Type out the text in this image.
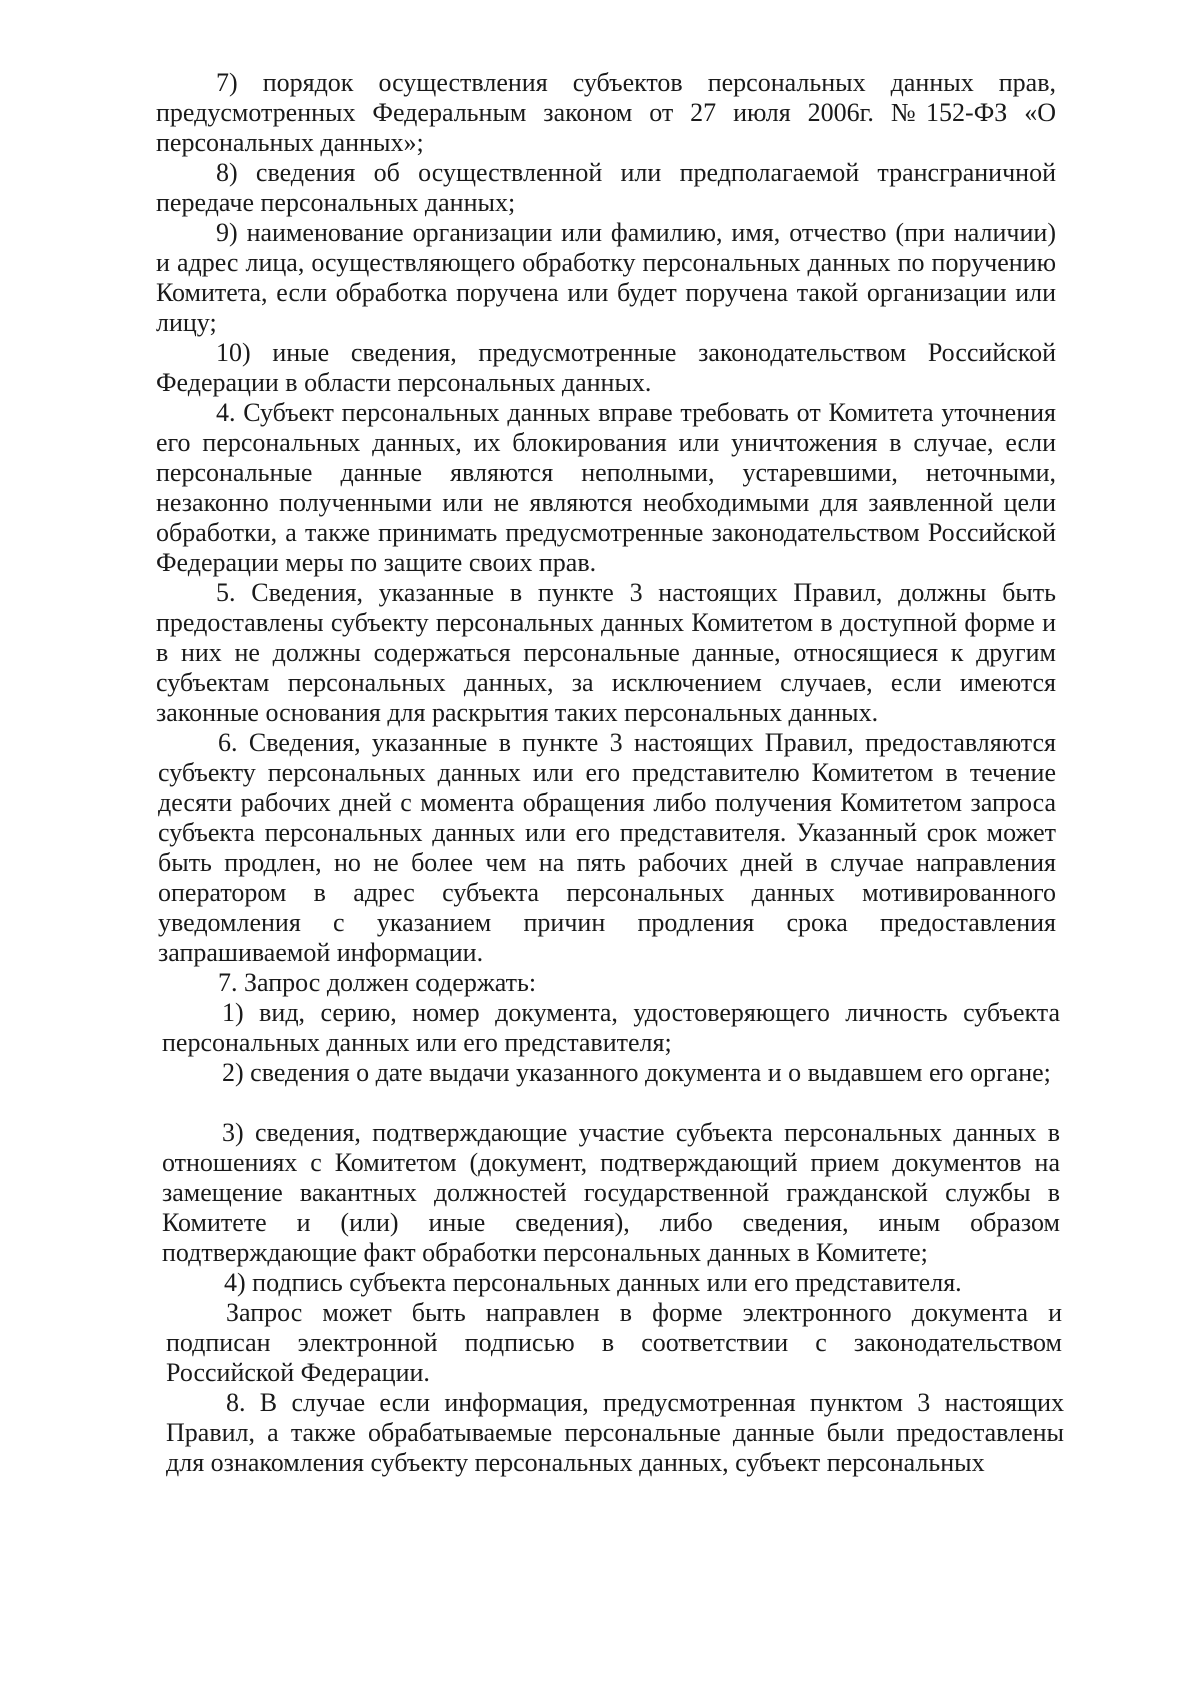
7) порядок осуществления субъектов персональных данных прав, предусмотренных Федеральным законом от 27 июля 2006г. №152-ФЗ «О персональных данных»;

8) сведения об осуществленной или предполагаемой трансграничной передаче персональных данных;

9) наименование организации или фамилию, имя, отчество (при наличии) и адрес лица, осуществляющего обработку персональных данных по поручению Комитета, если обработка поручена или будет поручена такой организации или лицу;

10) иные сведения, предусмотренные законодательством Российской Федерации в области персональных данных.

4. Субъект персональных данных вправе требовать от Комитета уточнения его персональных данных, их блокирования или уничтожения в случае, если персональные данные являются неполными, устаревшими, неточными, незаконно полученными или не являются необходимыми для заявленной цели обработки, а также принимать предусмотренные законодательством Российской Федерации меры по защите своих прав.

5. Сведения, указанные в пункте 3 настоящих Правил, должны быть предоставлены субъекту персональных данных Комитетом в доступной форме и в них не должны содержаться персональные данные, относящиеся к другим субъектам персональных данных, за исключением случаев, если имеются законные основания для раскрытия таких персональных данных.

6. Сведения, указанные в пункте 3 настоящих Правил, предоставляются субъекту персональных данных или его представителю Комитетом в течение десяти рабочих дней с момента обращения либо получения Комитетом запроса субъекта персональных данных или его представителя. Указанный срок может быть продлен, но не более чем на пять рабочих дней в случае направления оператором в адрес субъекта персональных данных мотивированного уведомления с указанием причин продления срока предоставления запрашиваемой информации.

7. Запрос должен содержать:

1) вид, серию, номер документа, удостоверяющего личность субъекта персональных данных или его представителя;

2) сведения о дате выдачи указанного документа и о выдавшем его органе;

3) сведения, подтверждающие участие субъекта персональных данных в отношениях с Комитетом (документ, подтверждающий прием документов на замещение вакантных должностей государственной гражданской службы в Комитете и (или) иные сведения), либо сведения, иным образом подтверждающие факт обработки персональных данных в Комитете;

4) подпись субъекта персональных данных или его представителя.

Запрос может быть направлен в форме электронного документа и подписан электронной подписью в соответствии с законодательством Российской Федерации.

8. В случае если информация, предусмотренная пунктом 3 настоящих Правил, а также обрабатываемые персональные данные были предоставлены для ознакомления субъекту персональных данных, субъект персональных
